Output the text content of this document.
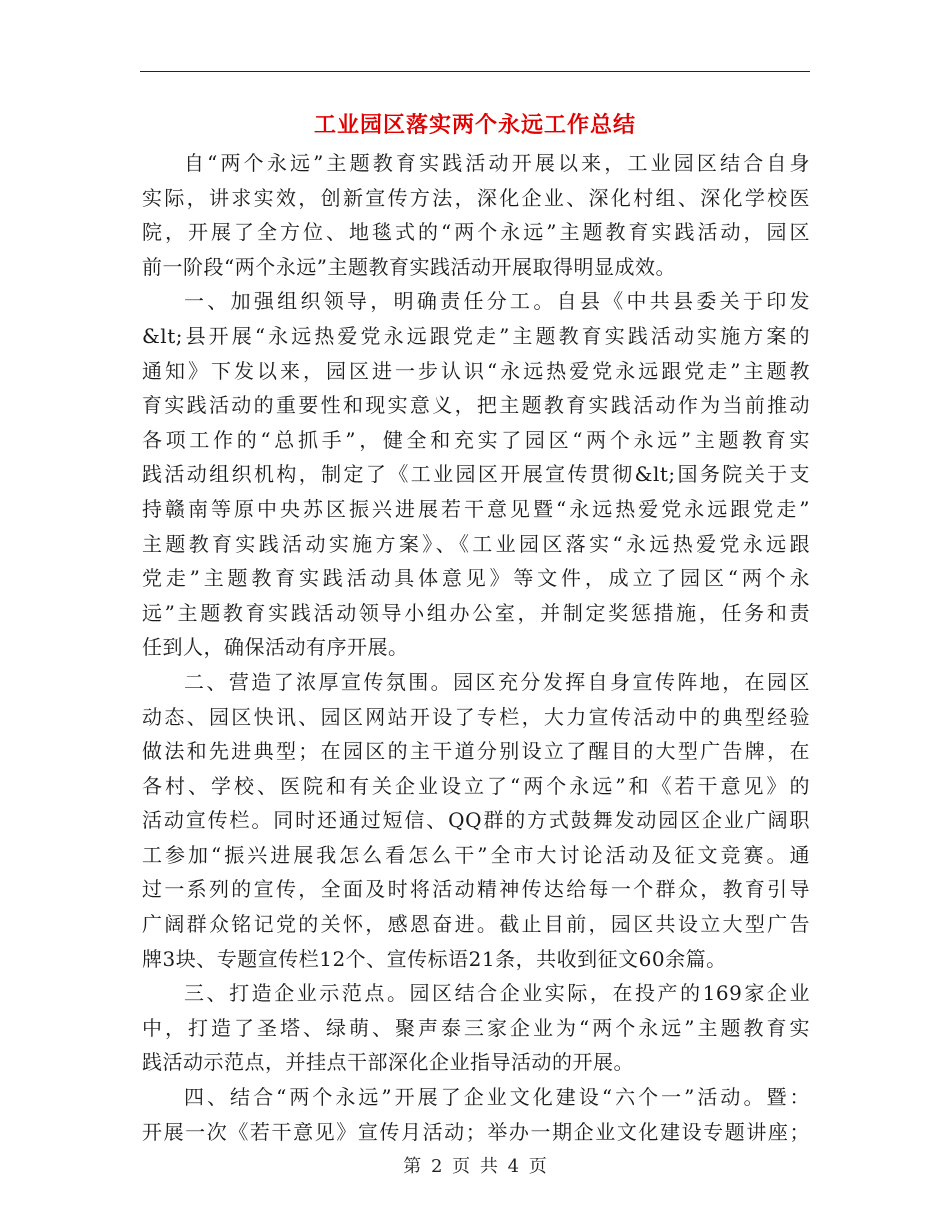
工业园区落实两个永远工作总结
自“两个永远”主题教育实践活动开展以来，工业园区结合自身
实际，讲求实效，创新宣传方法，深化企业、深化村组、深化学校医
院，开展了全方位、地毯式的“两个永远”主题教育实践活动，园区
前一阶段“两个永远”主题教育实践活动开展取得明显成效。
一、加强组织领导，明确责任分工。自县《中共县委关于印发
&lt;县开展“永远热爱党永远跟党走”主题教育实践活动实施方案的
通知》下发以来，园区进一步认识“永远热爱党永远跟党走”主题教
育实践活动的重要性和现实意义，把主题教育实践活动作为当前推动
各项工作的“总抓手”，健全和充实了园区“两个永远”主题教育实
践活动组织机构，制定了《工业园区开展宣传贯彻&lt;国务院关于支
持赣南等原中央苏区振兴进展若干意见暨“永远热爱党永远跟党走”
主题教育实践活动实施方案》、《工业园区落实“永远热爱党永远跟
党走”主题教育实践活动具体意见》等文件，成立了园区“两个永
远”主题教育实践活动领导小组办公室，并制定奖惩措施，任务和责
任到人，确保活动有序开展。
二、营造了浓厚宣传氛围。园区充分发挥自身宣传阵地，在园区
动态、园区快讯、园区网站开设了专栏，大力宣传活动中的典型经验
做法和先进典型；在园区的主干道分别设立了醒目的大型广告牌，在
各村、学校、医院和有关企业设立了“两个永远”和《若干意见》的
活动宣传栏。同时还通过短信、QQ群的方式鼓舞发动园区企业广阔职
工参加“振兴进展我怎么看怎么干”全市大讨论活动及征文竞赛。通
过一系列的宣传，全面及时将活动精神传达给每一个群众，教育引导
广阔群众铭记党的关怀，感恩奋进。截止目前，园区共设立大型广告
牌3块、专题宣传栏12个、宣传标语21条，共收到征文60余篇。
三、打造企业示范点。园区结合企业实际，在投产的169家企业
中，打造了圣塔、绿萌、聚声泰三家企业为“两个永远”主题教育实
践活动示范点，并挂点干部深化企业指导活动的开展。
四、结合“两个永远”开展了企业文化建设“六个一”活动。暨：
开展一次《若干意见》宣传月活动；举办一期企业文化建设专题讲座；
第 2 页 共 4 页
